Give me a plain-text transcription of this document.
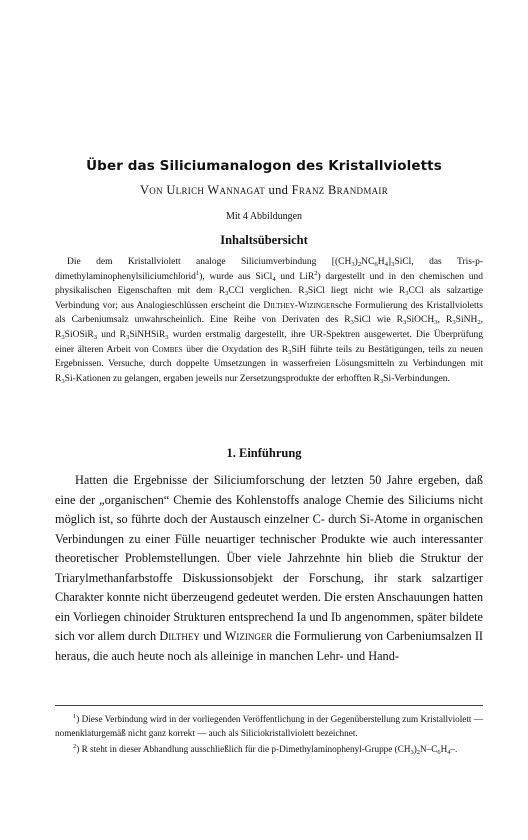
Über das Siliciumanalogon des Kristallvioletts
Von Ulrich Wannagat und Franz Brandmair
Mit 4 Abbildungen
Inhaltsübersicht

Die dem Kristallviolett analoge Siliciumverbindung $[(CH_3)_2NC_6H_4]_3SiCl$, das Tris-p-dimethylaminophenylsiliciumchlorid$^1$), wurde aus SiCl$_4$ und LiR$^2$) dargestellt und in den chemischen und physikalischen Eigenschaften mit dem $R_3CCl$ verglichen. $R_3SiCl$ liegt nicht wie $R_3CCl$ als salzartige Verbindung vor; aus Analogieschlüssen erscheint die Dilthey-Wizingersche Formulierung des Kristallvioletts als Carbeniumsalz unwahrscheinlich. Eine Reihe von Derivaten des $R_3SiCl$ wie $R_3SiOCH_3$, $R_3SiNH_2$, $R_3SiOSiR_3$ und $R_3SiNHSiR_3$ wurden erstmalig dargestellt, ihre UR-Spektren ausgewertet. Die Überprüfung einer älteren Arbeit von Combes über die Oxydation des $R_3SiH$ führte teils zu Bestätigungen, teils zu neuen Ergebnissen. Versuche, durch doppelte Umsetzungen in wasserfreien Lösungsmitteln zu Verbindungen mit $R_3Si$-Kationen zu gelangen, ergaben jeweils nur Zersetzungsprodukte der erhofften $R_3Si$-Verbindungen.

1. Einführung

Hatten die Ergebnisse der Siliciumforschung der letzten 50 Jahre ergeben, daß eine der „organischen“ Chemie des Kohlenstoffs analoge Chemie des Siliciums nicht möglich ist, so führte doch der Austausch einzelner C- durch Si-Atome in organischen Verbindungen zu einer Fülle neuartiger technischer Produkte wie auch interessanter theoretischer Problemstellungen. Über viele Jahrzehnte hin blieb die Struktur der Triarylmethanfarbstoffe Diskussionsobjekt der Forschung, ihr stark salzartiger Charakter konnte nicht überzeugend gedeutet werden. Die ersten Anschauungen hatten ein Vorliegen chinoider Strukturen entsprechend Ia und Ib angenommen, später bildete sich vor allem durch Dilthey und Wizinger die Formulierung von Carbeniumsalzen II heraus, die auch heute noch als alleinige in manchen Lehr- und Hand-

$^1$) Diese Verbindung wird in der vorliegenden Veröffentlichung in der Gegenüberstellung zum Kristallviolett — nomenklaturgemäß nicht ganz korrekt — auch als Siliciokristallviolett bezeichnet.

$^2$) R steht in dieser Abhandlung ausschließlich für die p-Dimethylaminophenyl-Gruppe $(CH_3)_2N-C_6H_4-$.
